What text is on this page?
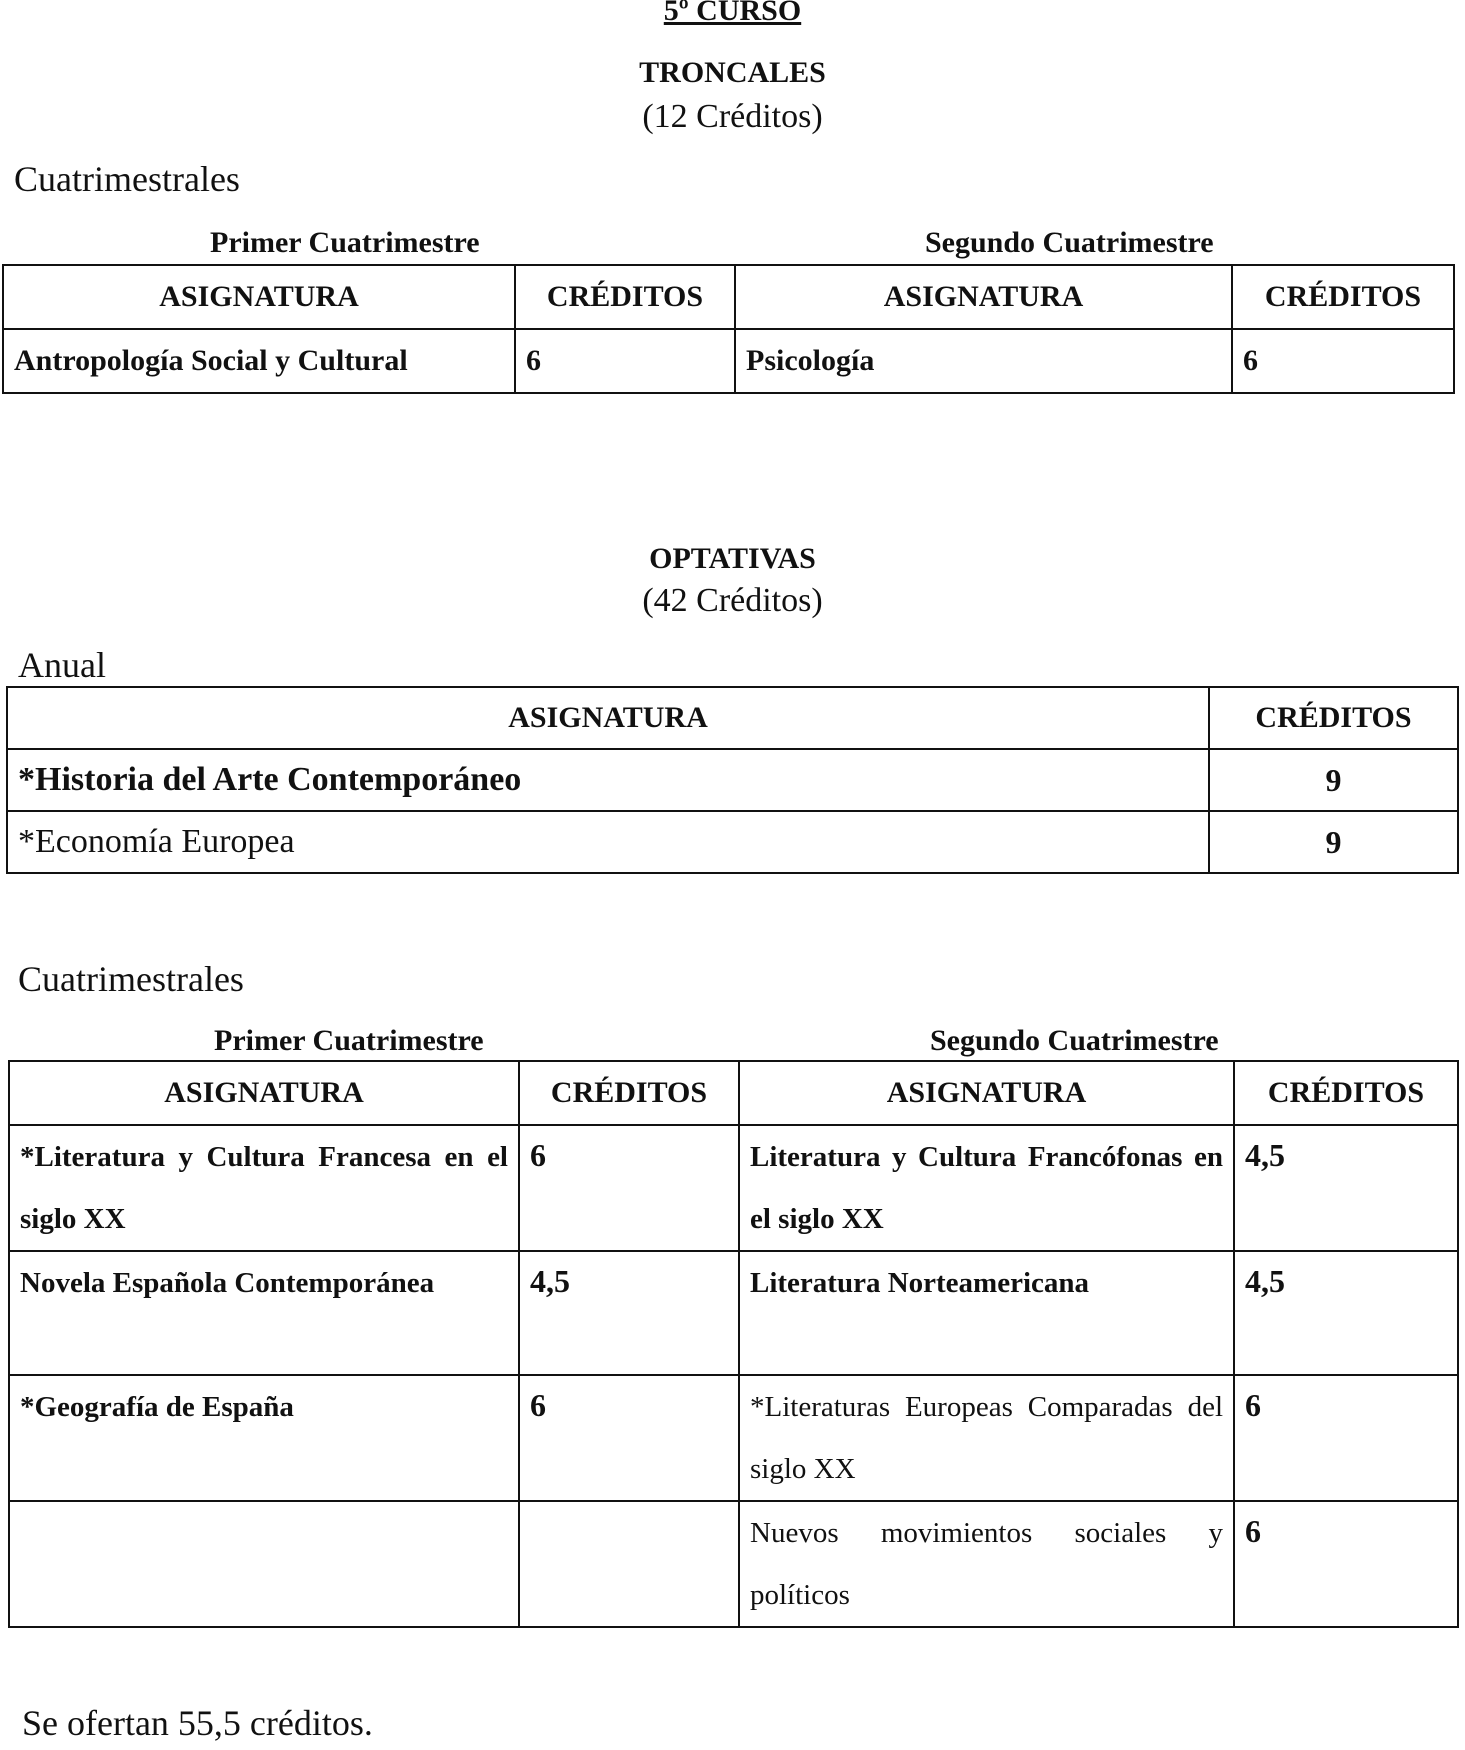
5º CURSO
TRONCALES
(12 Créditos)
Cuatrimestrales
Primer Cuatrimestre	Segundo Cuatrimestre
ASIGNATURA	CRÉDITOS	ASIGNATURA	CRÉDITOS
Antropología Social y Cultural	6	Psicología	6
OPTATIVAS
(42 Créditos)
Anual
ASIGNATURA	CRÉDITOS
*Historia del Arte Contemporáneo	9
*Economía Europea	9
Cuatrimestrales
Primer Cuatrimestre	Segundo Cuatrimestre
ASIGNATURA	CRÉDITOS	ASIGNATURA	CRÉDITOS
*Literatura y Cultura Francesa en el siglo XX	6	Literatura y Cultura Francófonas en el siglo XX	4,5
Novela Española Contemporánea	4,5	Literatura Norteamericana	4,5
*Geografía de España	6	*Literaturas Europeas Comparadas del siglo XX	6
		Nuevos movimientos sociales y políticos	6
Se ofertan 55,5 créditos.
